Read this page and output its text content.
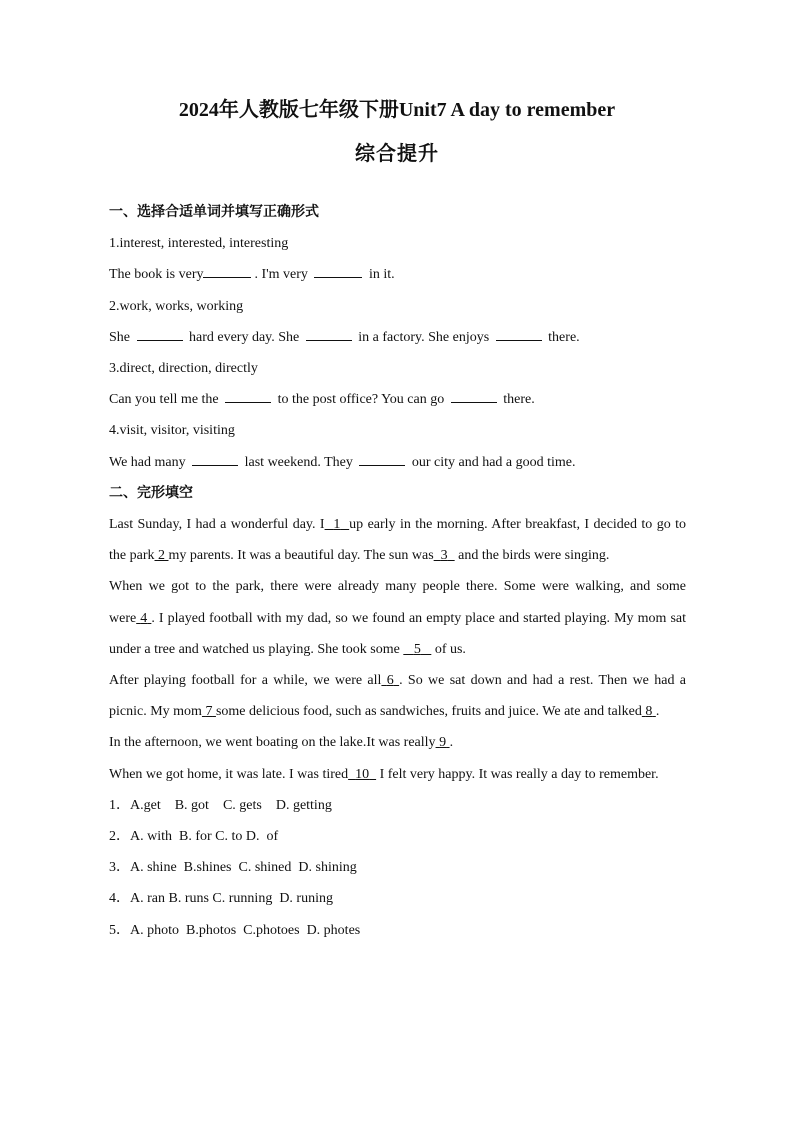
2024年人教版七年级下册Unit7 A day to remember

综合提升

一、选择合适单词并填写正确形式

1.interest, interested, interesting

The book is very	. I'm very	in it.

2.work, works, working

She	hard every day. She	in a factory. She enjoys	there.

3.direct, direction, directly

Can you tell me the	to the post office? You can go	there.

4.visit, visitor, visiting

We had many	last weekend. They	our city and had a good time.

二、完形填空

Last Sunday, I had a wonderful day. I 1 up early in the morning. After breakfast, I decided to go to the park 2 my parents. It was a beautiful day. The sun was 3   and the birds were singing.

When we got to the park, there were already many people there. Some were walking, and some were 4 . I played football with my dad, so we found an empty place and started playing. My mom sat under a tree and watched us playing. She took some    5    of us.

After playing football for a while, we were all 6 . So we sat down and had a rest. Then we had a picnic. My mom 7 some delicious food, such as sandwiches, fruits and juice. We ate and talked 8 .

In the afternoon, we went boating on the lake.It was really 9 .

When we got home, it was late. I was tired 10   I felt very happy. It was really a day to remember.

1．A.get    B. got    C. gets    D. getting

2．A. with  B. for C. to D.  of

3．A. shine  B.shines  C. shined  D. shining

4．A. ran B. runs C. running  D. runing

5．A. photo  B.photos  C.photoes  D. photes
